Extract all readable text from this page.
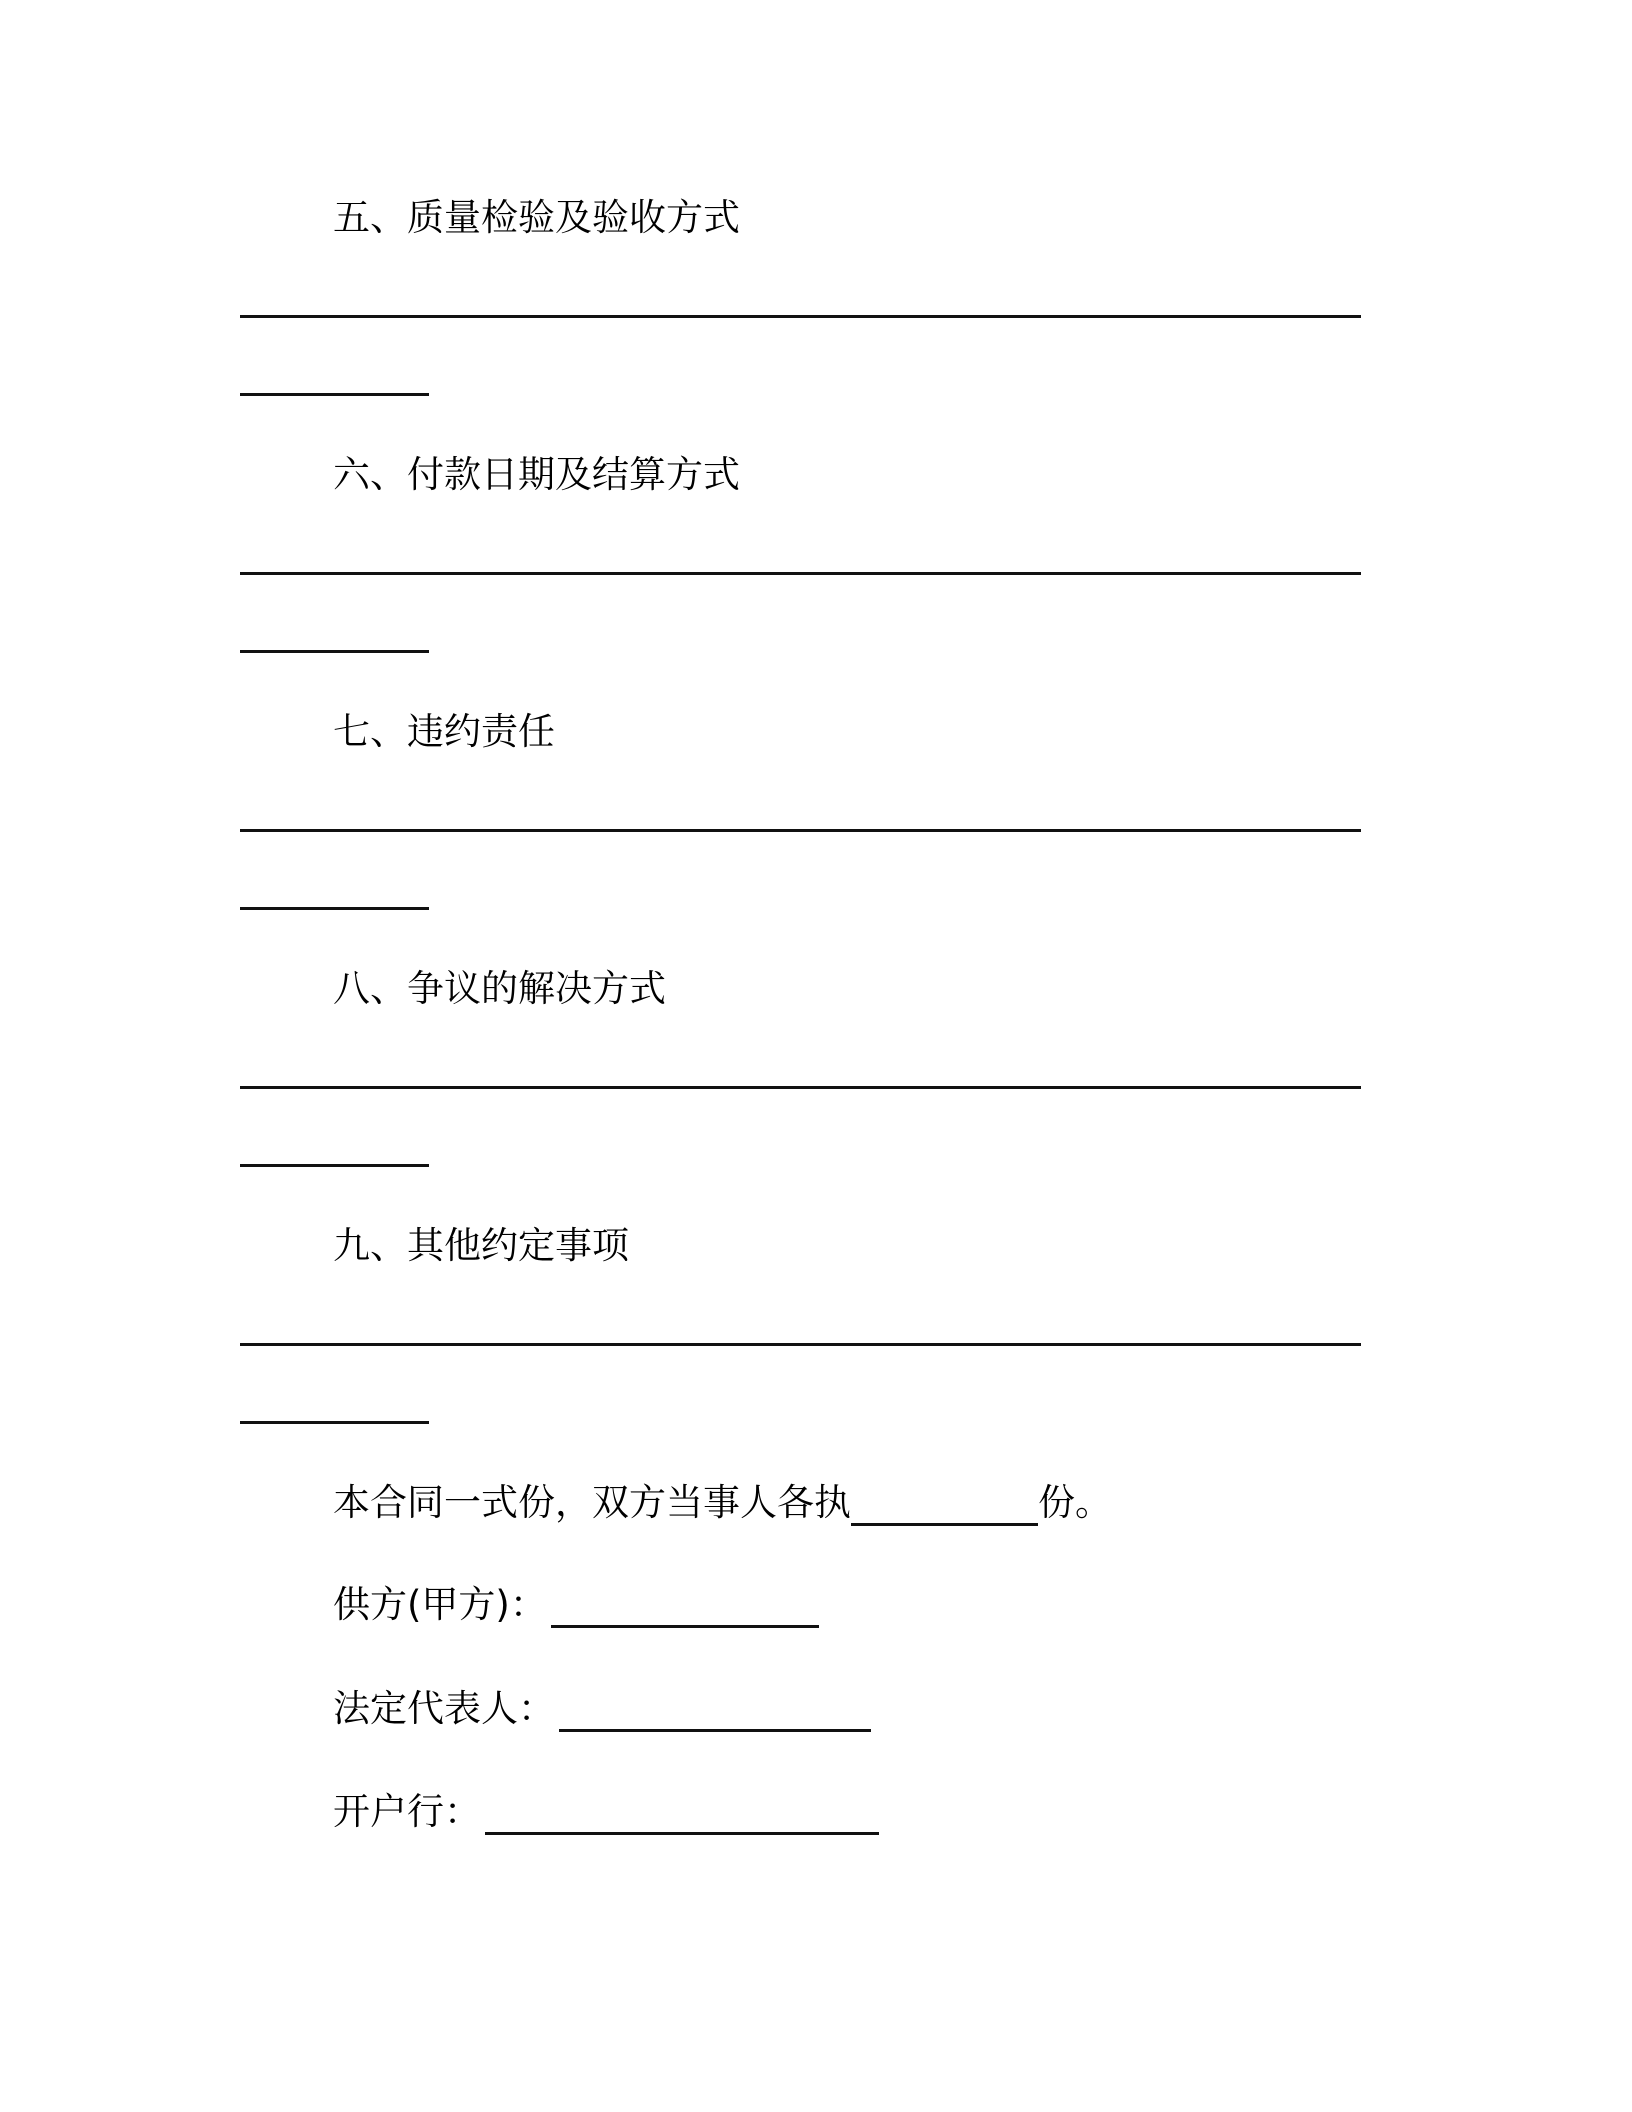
五、质量检验及验收方式
六、付款日期及结算方式
七、违约责任
八、争议的解决方式
九、其他约定事项
本合同一式份，双方当事人各执	份。
供方(甲方)：
法定代表人：
开户行：
